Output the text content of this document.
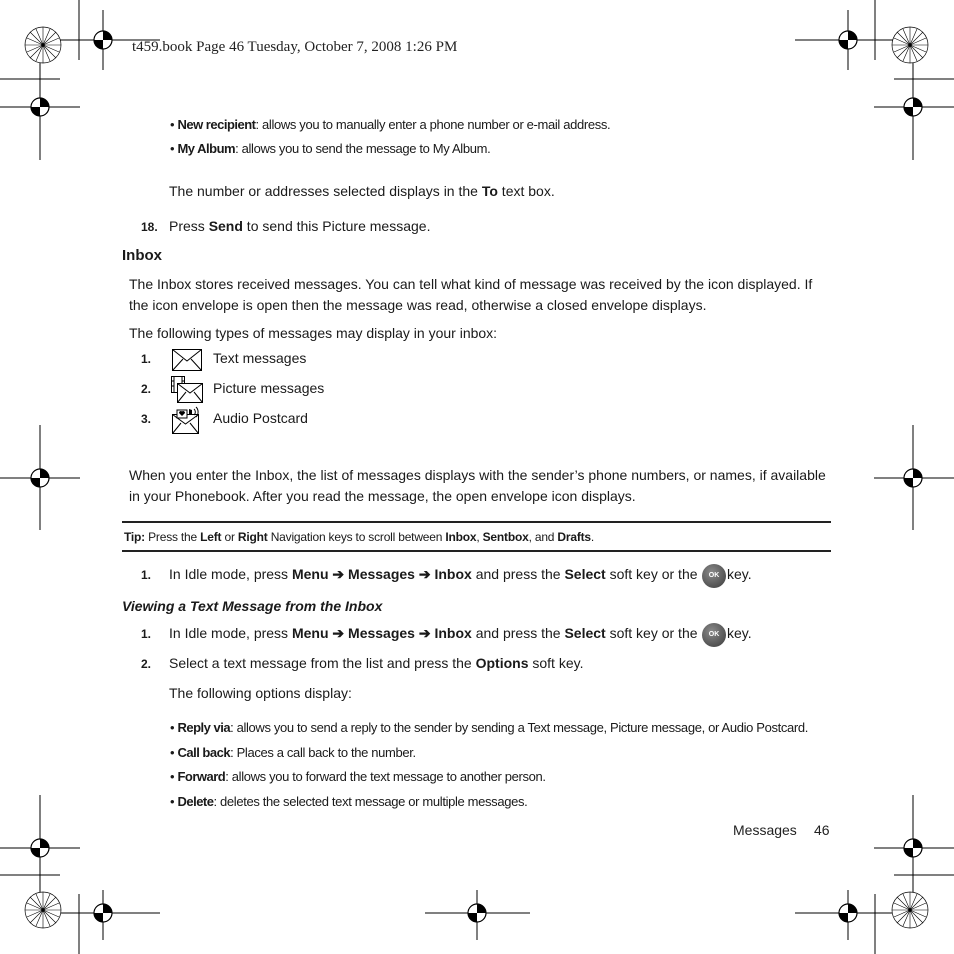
t459.book Page 46 Tuesday, October 7, 2008 1:26 PM
• New recipient: allows you to manually enter a phone number or e-mail address.
• My Album: allows you to send the message to My Album.
The number or addresses selected displays in the To text box.
18. Press Send to send this Picture message.
Inbox
The Inbox stores received messages. You can tell what kind of message was received by the icon displayed. If the icon envelope is open then the message was read, otherwise a closed envelope displays.
The following types of messages may display in your inbox:
1.	Text messages
2.	Picture messages
3.	Audio Postcard
When you enter the Inbox, the list of messages displays with the sender’s phone numbers, or names, if available in your Phonebook. After you read the message, the open envelope icon displays.
Tip: Press the Left or Right Navigation keys to scroll between Inbox, Sentbox, and Drafts.
1. In Idle mode, press Menu ➔ Messages ➔ Inbox and press the Select soft key or the	OK key.
Viewing a Text Message from the Inbox
1. In Idle mode, press Menu ➔ Messages ➔ Inbox and press the Select soft key or the	OK key.
2. Select a text message from the list and press the Options soft key.
The following options display:
• Reply via: allows you to send a reply to the sender by sending a Text message, Picture message, or Audio Postcard.
• Call back: Places a call back to the number.
• Forward: allows you to forward the text message to another person.
• Delete: deletes the selected text message or multiple messages.
Messages 46
